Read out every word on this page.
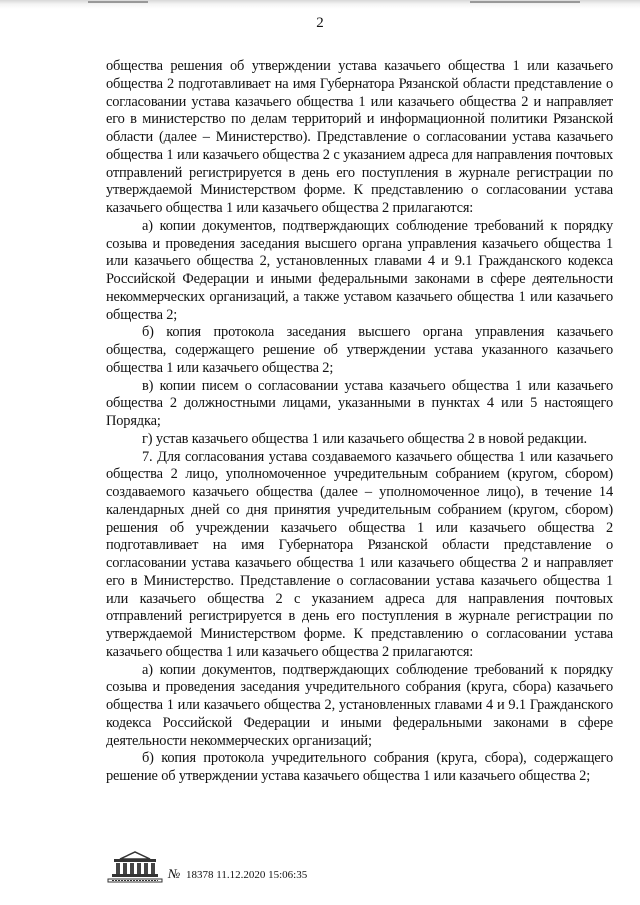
2

общества решения об утверждении устава казачьего общества 1 или казачьего общества 2 подготавливает на имя Губернатора Рязанской области представление о согласовании устава казачьего общества 1 или казачьего общества 2 и направляет его в министерство по делам территорий и информационной политики Рязанской области (далее – Министерство). Представление о согласовании устава казачьего общества 1 или казачьего общества 2 с указанием адреса для направления почтовых отправлений регистрируется в день его поступления в журнале регистрации по утверждаемой Министерством форме. К представлению о согласовании устава казачьего общества 1 или казачьего общества 2 прилагаются:

а) копии документов, подтверждающих соблюдение требований к порядку созыва и проведения заседания высшего органа управления казачьего общества 1 или казачьего общества 2, установленных главами 4 и 9.1 Гражданского кодекса Российской Федерации и иными федеральными законами в сфере деятельности некоммерческих организаций, а также уставом казачьего общества 1 или казачьего общества 2;

б) копия протокола заседания высшего органа управления казачьего общества, содержащего решение об утверждении устава указанного казачьего общества 1 или казачьего общества 2;

в) копии писем о согласовании устава казачьего общества 1 или казачьего общества 2 должностными лицами, указанными в пунктах 4 или 5 настоящего Порядка;

г) устав казачьего общества 1 или казачьего общества 2 в новой редакции.

7. Для согласования устава создаваемого казачьего общества 1 или казачьего общества 2 лицо, уполномоченное учредительным собранием (кругом, сбором) создаваемого казачьего общества (далее – уполномоченное лицо), в течение 14 календарных дней со дня принятия учредительным собранием (кругом, сбором) решения об учреждении казачьего общества 1 или казачьего общества 2 подготавливает на имя Губернатора Рязанской области представление о согласовании устава казачьего общества 1 или казачьего общества 2 и направляет его в Министерство. Представление о согласовании устава казачьего общества 1 или казачьего общества 2 с указанием адреса для направления почтовых отправлений регистрируется в день его поступления в журнале регистрации по утверждаемой Министерством форме. К представлению о согласовании устава казачьего общества 1 или казачьего общества 2 прилагаются:

а) копии документов, подтверждающих соблюдение требований к порядку созыва и проведения заседания учредительного собрания (круга, сбора) казачьего общества 1 или казачьего общества 2, установленных главами 4 и 9.1 Гражданского кодекса Российской Федерации и иными федеральными законами в сфере деятельности некоммерческих организаций;

б) копия протокола учредительного собрания (круга, сбора), содержащего решение об утверждении устава казачьего общества 1 или казачьего общества 2;

№ 18378 11.12.2020 15:06:35
